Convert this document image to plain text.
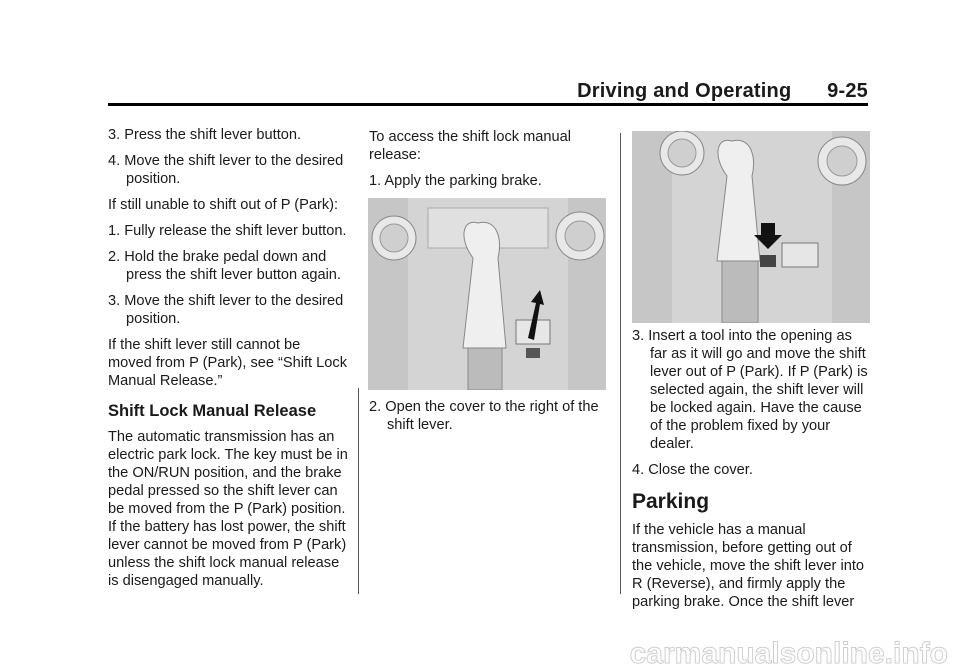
Driving and Operating 9-25

3. Press the shift lever button.

4. Move the shift lever to the desired position.

If still unable to shift out of P (Park):

1. Fully release the shift lever button.

2. Hold the brake pedal down and press the shift lever button again.

3. Move the shift lever to the desired position.

If the shift lever still cannot be moved from P (Park), see “Shift Lock Manual Release.”

Shift Lock Manual Release

The automatic transmission has an electric park lock. The key must be in the ON/RUN position, and the brake pedal pressed so the shift lever can be moved from the P (Park) position. If the battery has lost power, the shift lever cannot be moved from P (Park) unless the shift lock manual release is disengaged manually.

To access the shift lock manual release:

1. Apply the parking brake.

2. Open the cover to the right of the shift lever.

3. Insert a tool into the opening as far as it will go and move the shift lever out of P (Park). If P (Park) is selected again, the shift lever will be locked again. Have the cause of the problem fixed by your dealer.

4. Close the cover.

Parking

If the vehicle has a manual transmission, before getting out of the vehicle, move the shift lever into R (Reverse), and firmly apply the parking brake. Once the shift lever

carmanualsonline.info
